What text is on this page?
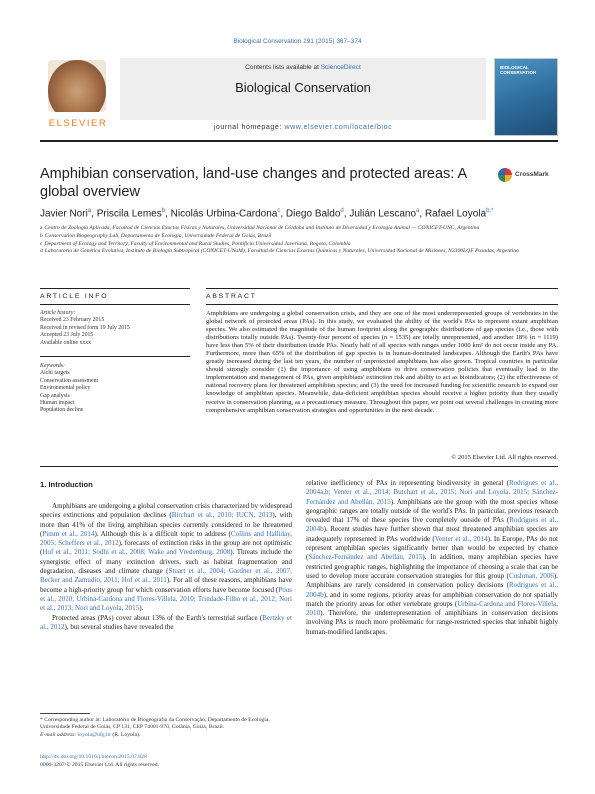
Biological Conservation 191 (2015) 367–374
ELSEVIER
Contents lists available at ScienceDirect
Biological Conservation
journal homepage: www.elsevier.com/locate/bioc
BIOLOGICAL CONSERVATION
Amphibian conservation, land-use changes and protected areas: A global overview
CrossMark
Javier Nori$^a$, Priscila Lemes$^b$, Nicolás Urbina-Cardona$^c$, Diego Baldo$^d$, Julián Lescano$^a$, Rafael Loyola$^{b,*}$
a Centro de Zoología Aplicada, Facultad de Ciencias Exactas Físicas y Naturales, Universidad Nacional de Córdoba and Instituto de Diversidad y Ecología Animal — CONICET-UNC, Argentina
b Conservation Biogeography Lab, Departamento de Ecologia, Universidade Federal de Goiás, Brazil
c Department of Ecology and Territory, Faculty of Environmental and Rural Studies, Pontificia Universidad Javeriana, Bogota, Colombia
d Laboratorio de Genética Evolutiva, Instituto de Biología Subtropical (CONICET-UNaM), Facultad de Ciencias Exactas Químicas y Naturales, Universidad Nacional de Misiones, N3300LQF Posadas, Argentina
ARTICLE INFO	ABSTRACT
Article history:
Received 23 February 2015
Received in revised form 19 July 2015
Accepted 23 July 2015
Available online xxxx
Keywords:
Aichi targets
Conservation assessment
Environmental policy
Gap analysis
Human impact
Population decline
Amphibians are undergoing a global conservation crisis, and they are one of the most underrepresented groups of vertebrates in the global network of protected areas (PAs). In this study, we evaluated the ability of the world's PAs to represent extant amphibian species. We also estimated the magnitude of the human footprint along the geographic distributions of gap species (i.e., those with distributions totally outside PAs). Twenty-four percent of species (n = 1535) are totally unrepresented, and another 18% (n = 1119) have less than 5% of their distribution inside PAs. Nearly half of all species with ranges under 1000 km² do not occur inside any PA. Furthermore, more than 65% of the distribution of gap species is in human-dominated landscapes. Although the Earth's PAs have greatly increased during the last ten years, the number of unprotected amphibians has also grown. Tropical countries in particular should strongly consider (1) the importance of using amphibians to drive conservation policies that eventually lead to the implementation and management of PAs, given amphibians' extinction risk and ability to act as bioindicators; (2) the effectiveness of national recovery plans for threatened amphibian species; and (3) the need for increased funding for scientific research to expand our knowledge of amphibian species. Meanwhile, data-deficient amphibian species should receive a higher priority than they usually receive in conservation planning, as a precautionary measure. Throughout this paper, we point out several challenges in creating more comprehensive amphibian conservation strategies and opportunities in the next decade.
© 2015 Elsevier Ltd. All rights reserved.
1. Introduction

Amphibians are undergoing a global conservation crisis characterized by widespread species extinctions and population declines (Birchart et al., 2010; IUCN, 2013), with more than 41% of the living amphibian species currently considered to be threatened (Pimm et al., 2014). Although this is a difficult topic to address (Collins and Halliday, 2005; Scheffers et al., 2012), forecasts of extinction risks in the group are not optimistic (Hof et al., 2011; Sodhi et al., 2008; Wake and Vredenburg, 2008). Threats include the synergistic effect of many extinction drivers, such as habitat fragmentation and degradation, diseases and climate change (Stuart et al., 2004; Gardner et al., 2007; Becker and Zamudio, 2011; Hof et al., 2011). For all of these reasons, amphibians have become a high-priority group for which conservation efforts have become focused (Pous et al., 2010; Urbina-Cardona and Flores-Villela, 2010; Trindade-Filho et al., 2012; Nori et al., 2013; Nori and Loyola, 2015).

Protected areas (PAs) cover about 13% of the Earth's terrestrial surface (Bertzky et al., 2012), but several studies have revealed the

relative inefficiency of PAs in representing biodiversity in general (Rodrigues et al., 2004a,b; Venter et al., 2014; Butchart et al., 2015; Nori and Loyola, 2015; Sánchez-Fernández and Abellán, 2015). Amphibians are the group with the most species whose geographic ranges are totally outside of the world's PAs. In particular, previous research revealed that 17% of these species live completely outside of PAs (Rodrigues et al., 2004b). Recent studies have further shown that most threatened amphibian species are inadequately represented in PAs worldwide (Venter et al., 2014). In Europe, PAs do not represent amphibian species significantly better than would be expected by chance (Sánchez-Fernández and Abellán, 2015). In addition, many amphibian species have restricted geographic ranges, highlighting the importance of choosing a scale that can be used to develop more accurate conservation strategies for this group (Cushman, 2006). Amphibians are rarely considered in conservation policy decisions (Rodrigues et al., 2004b), and in some regions, priority areas for amphibian conservation do not spatially match the priority areas for other vertebrate groups (Urbina-Cardona and Flores-Villela, 2010). Therefore, the underrepresentation of amphibians in conservation decisions involving PAs is much more problematic for range-restricted species that inhabit highly human-modified landscapes.

* Corresponding author at: Laboratório de Biogeografia da Conservação, Departamento de Ecologia, Universidade Federal de Goiás, CP 131, CEP 74001-970, Goiânia, Goiás, Brazil.
E-mail address: loyola@ufg.br (R. Loyola).
http://dx.doi.org/10.1016/j.biocon.2015.07.028
0006-3207/© 2015 Elsevier Ltd. All rights reserved.
